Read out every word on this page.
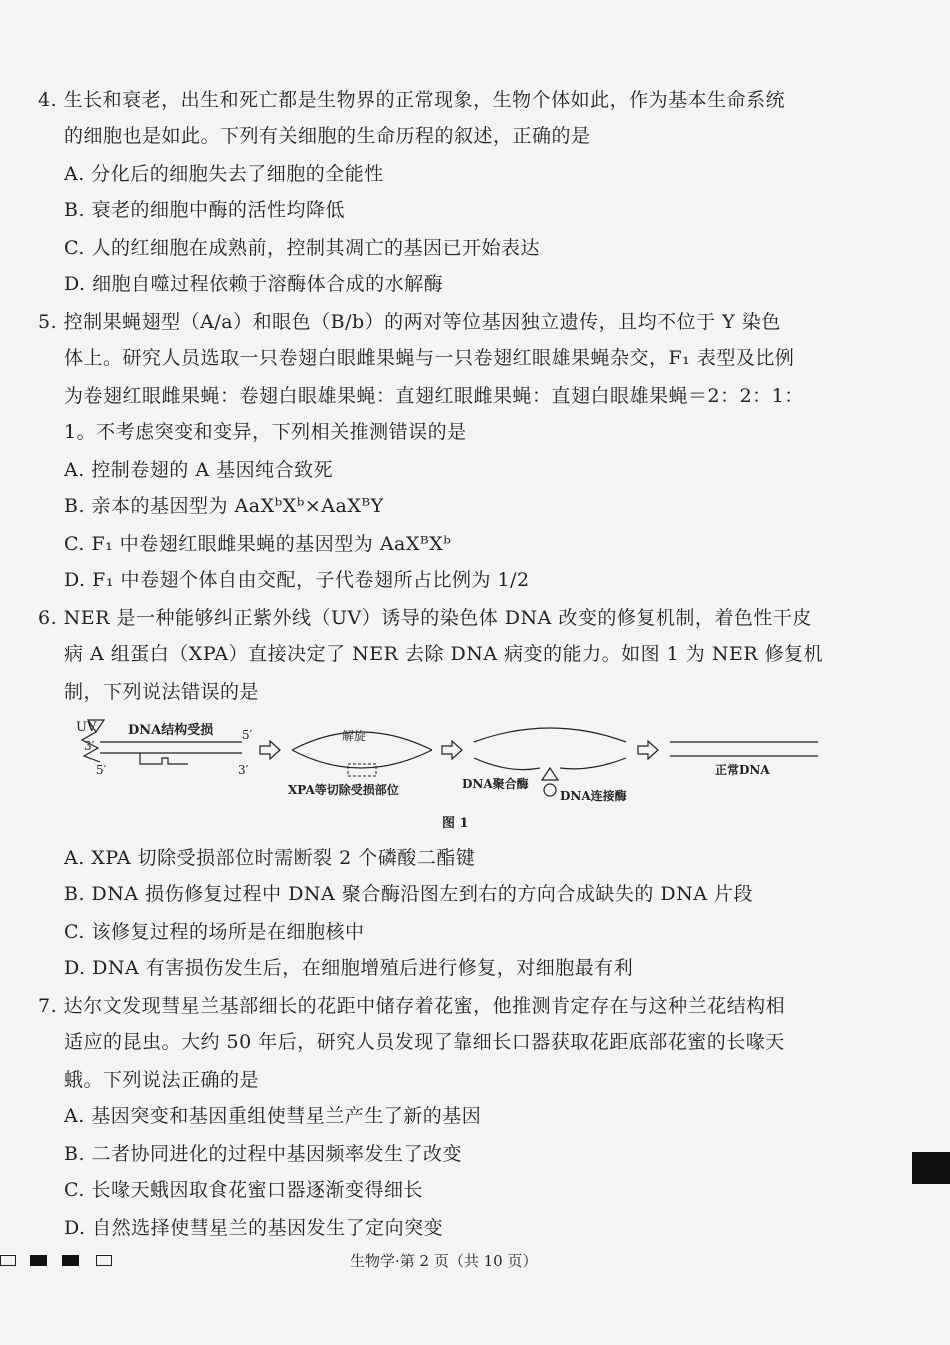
4. 生长和衰老，出生和死亡都是生物界的正常现象，生物个体如此，作为基本生命系统
的细胞也是如此。下列有关细胞的生命历程的叙述，正确的是
A. 分化后的细胞失去了细胞的全能性
B. 衰老的细胞中酶的活性均降低
C. 人的红细胞在成熟前，控制其凋亡的基因已开始表达
D. 细胞自噬过程依赖于溶酶体合成的水解酶
5. 控制果蝇翅型（A/a）和眼色（B/b）的两对等位基因独立遗传，且均不位于 Y 染色
体上。研究人员选取一只卷翅白眼雌果蝇与一只卷翅红眼雄果蝇杂交，F₁ 表型及比例
为卷翅红眼雌果蝇：卷翅白眼雄果蝇：直翅红眼雌果蝇：直翅白眼雄果蝇＝2：2：1：
1。不考虑突变和变异，下列相关推测错误的是
A. 控制卷翅的 A 基因纯合致死
B. 亲本的基因型为 AaXᵇXᵇ×AaXᴮY
C. F₁ 中卷翅红眼雌果蝇的基因型为 AaXᴮXᵇ
D. F₁ 中卷翅个体自由交配，子代卷翅所占比例为 1/2
6. NER 是一种能够纠正紫外线（UV）诱导的染色体 DNA 改变的修复机制，着色性干皮
病 A 组蛋白（XPA）直接决定了 NER 去除 DNA 病变的能力。如图 1 为 NER 修复机
制，下列说法错误的是
UV DNA结构受损 5′
3′
5′	3′
解旋
XPA等切除受损部位	DNA聚合酶
DNA连接酶
正常DNA
图 1
A. XPA 切除受损部位时需断裂 2 个磷酸二酯键
B. DNA 损伤修复过程中 DNA 聚合酶沿图左到右的方向合成缺失的 DNA 片段
C. 该修复过程的场所是在细胞核中
D. DNA 有害损伤发生后，在细胞增殖后进行修复，对细胞最有利
7. 达尔文发现彗星兰基部细长的花距中储存着花蜜，他推测肯定存在与这种兰花结构相
适应的昆虫。大约 50 年后，研究人员发现了靠细长口器获取花距底部花蜜的长喙天
蛾。下列说法正确的是
A. 基因突变和基因重组使彗星兰产生了新的基因
B. 二者协同进化的过程中基因频率发生了改变
C. 长喙天蛾因取食花蜜口器逐渐变得细长
D. 自然选择使彗星兰的基因发生了定向突变
生物学·第 2 页（共 10 页）
